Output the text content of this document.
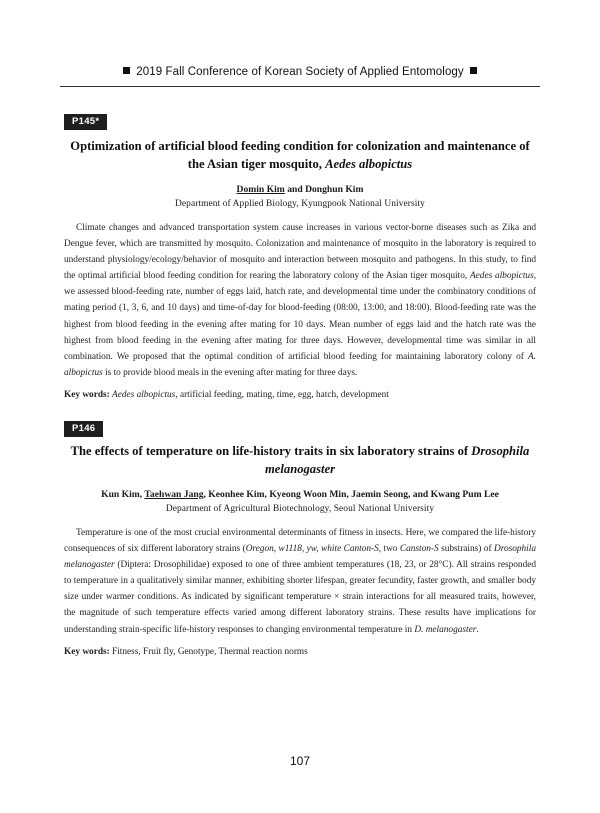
2019 Fall Conference of Korean Society of Applied Entomology
P145*
Optimization of artificial blood feeding condition for colonization and maintenance of the Asian tiger mosquito, Aedes albopictus
Domin Kim and Donghun Kim
Department of Applied Biology, Kyungpook National University
Climate changes and advanced transportation system cause increases in various vector-borne diseases such as Zika and Dengue fever, which are transmitted by mosquito. Colonization and maintenance of mosquito in the laboratory is required to understand physiology/ecology/behavior of mosquito and interaction between mosquito and pathogens. In this study, to find the optimal artificial blood feeding condition for rearing the laboratory colony of the Asian tiger mosquito, Aedes albopictus, we assessed blood-feeding rate, number of eggs laid, hatch rate, and developmental time under the combinatory conditions of mating period (1, 3, 6, and 10 days) and time-of-day for blood-feeding (08:00, 13:00, and 18:00). Blood-feeding rate was the highest from blood feeding in the evening after mating for 10 days. Mean number of eggs laid and the hatch rate was the highest from blood feeding in the evening after mating for three days. However, developmental time was similar in all combination. We proposed that the optimal condition of artificial blood feeding for maintaining laboratory colony of A. albopictus is to provide blood meals in the evening after mating for three days.
Key words: Aedes albopictus, artificial feeding, mating, time, egg, hatch, development
P146
The effects of temperature on life-history traits in six laboratory strains of Drosophila melanogaster
Kun Kim, Taehwan Jang, Keonhee Kim, Kyeong Woon Min, Jaemin Seong, and Kwang Pum Lee
Department of Agricultural Biotechnology, Seoul National University
Temperature is one of the most crucial environmental determinants of fitness in insects. Here, we compared the life-history consequences of six different laboratory strains (Oregon, w1118, yw, white Canton-S, two Canston-S substrains) of Drosophila melanogaster (Diptera: Drosophilidae) exposed to one of three ambient temperatures (18, 23, or 28°C). All strains responded to temperature in a qualitatively similar manner, exhibiting shorter lifespan, greater fecundity, faster growth, and smaller body size under warmer conditions. As indicated by significant temperature × strain interactions for all measured traits, however, the magnitude of such temperature effects varied among different laboratory strains. These results have implications for understanding strain-specific life-history responses to changing environmental temperature in D. melanogaster.
Key words: Fitness, Fruit fly, Genotype, Thermal reaction norms
107
